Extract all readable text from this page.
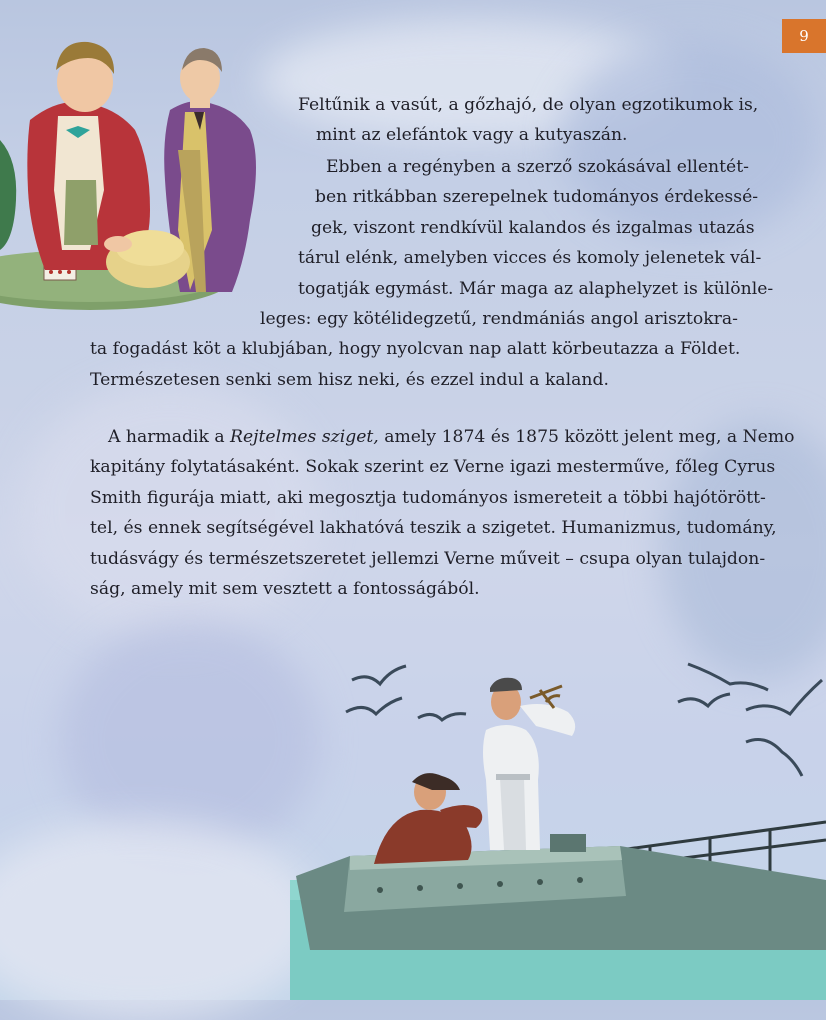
9
Feltűnik a vasút, a gőzhajó, de olyan egzotikumok is,
mint az elefántok vagy a kutyaszán.
Ebben a regényben a szerző szokásával ellentét-
ben ritkábban szerepelnek tudományos érdekessé-
gek, viszont rendkívül kalandos és izgalmas utazás
tárul elénk, amelyben vicces és komoly jelenetek vál-
togatják egymást. Már maga az alaphelyzet is különle-
leges: egy kötélidegzetű, rendmániás angol arisztokra-
ta fogadást köt a klubjában, hogy nyolcvan nap alatt körbeutazza a Földet.
Természetesen senki sem hisz neki, és ezzel indul a kaland.
A harmadik a Rejtelmes sziget, amely 1874 és 1875 között jelent meg, a Nemo
kapitány folytatásaként. Sokak szerint ez Verne igazi mesterműve, főleg Cyrus
Smith figurája miatt, aki megosztja tudományos ismereteit a többi hajótörött-
tel, és ennek segítségével lakhatóvá teszik a szigetet. Humanizmus, tudomány,
tudásvágy és természetszeretet jellemzi Verne műveit – csupa olyan tulajdon-
ság, amely mit sem vesztett a fontosságából.
